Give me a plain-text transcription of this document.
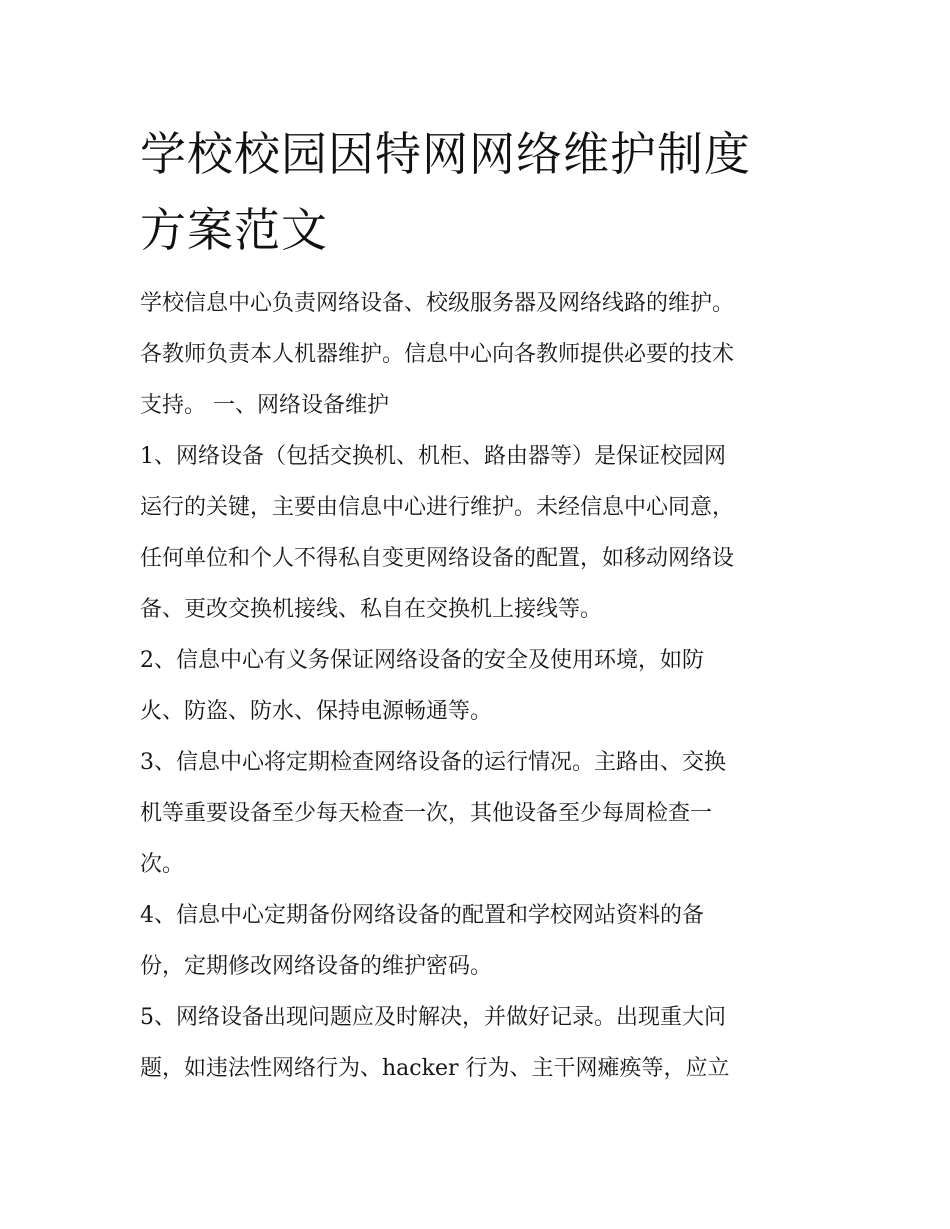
学校校园因特网网络维护制度
方案范文

学校信息中心负责网络设备、校级服务器及网络线路的维护。
各教师负责本人机器维护。信息中心向各教师提供必要的技术
支持。 一、网络设备维护

1、网络设备（包括交换机、机柜、路由器等）是保证校园网
运行的关键，主要由信息中心进行维护。未经信息中心同意，
任何单位和个人不得私自变更网络设备的配置，如移动网络设
备、更改交换机接线、私自在交换机上接线等。

2、信息中心有义务保证网络设备的安全及使用环境，如防
火、防盗、防水、保持电源畅通等。

3、信息中心将定期检查网络设备的运行情况。主路由、交换
机等重要设备至少每天检查一次，其他设备至少每周检查一
次。

4、信息中心定期备份网络设备的配置和学校网站资料的备
份，定期修改网络设备的维护密码。

5、网络设备出现问题应及时解决，并做好记录。出现重大问
题，如违法性网络行为、hacker 行为、主干网瘫痪等，应立
